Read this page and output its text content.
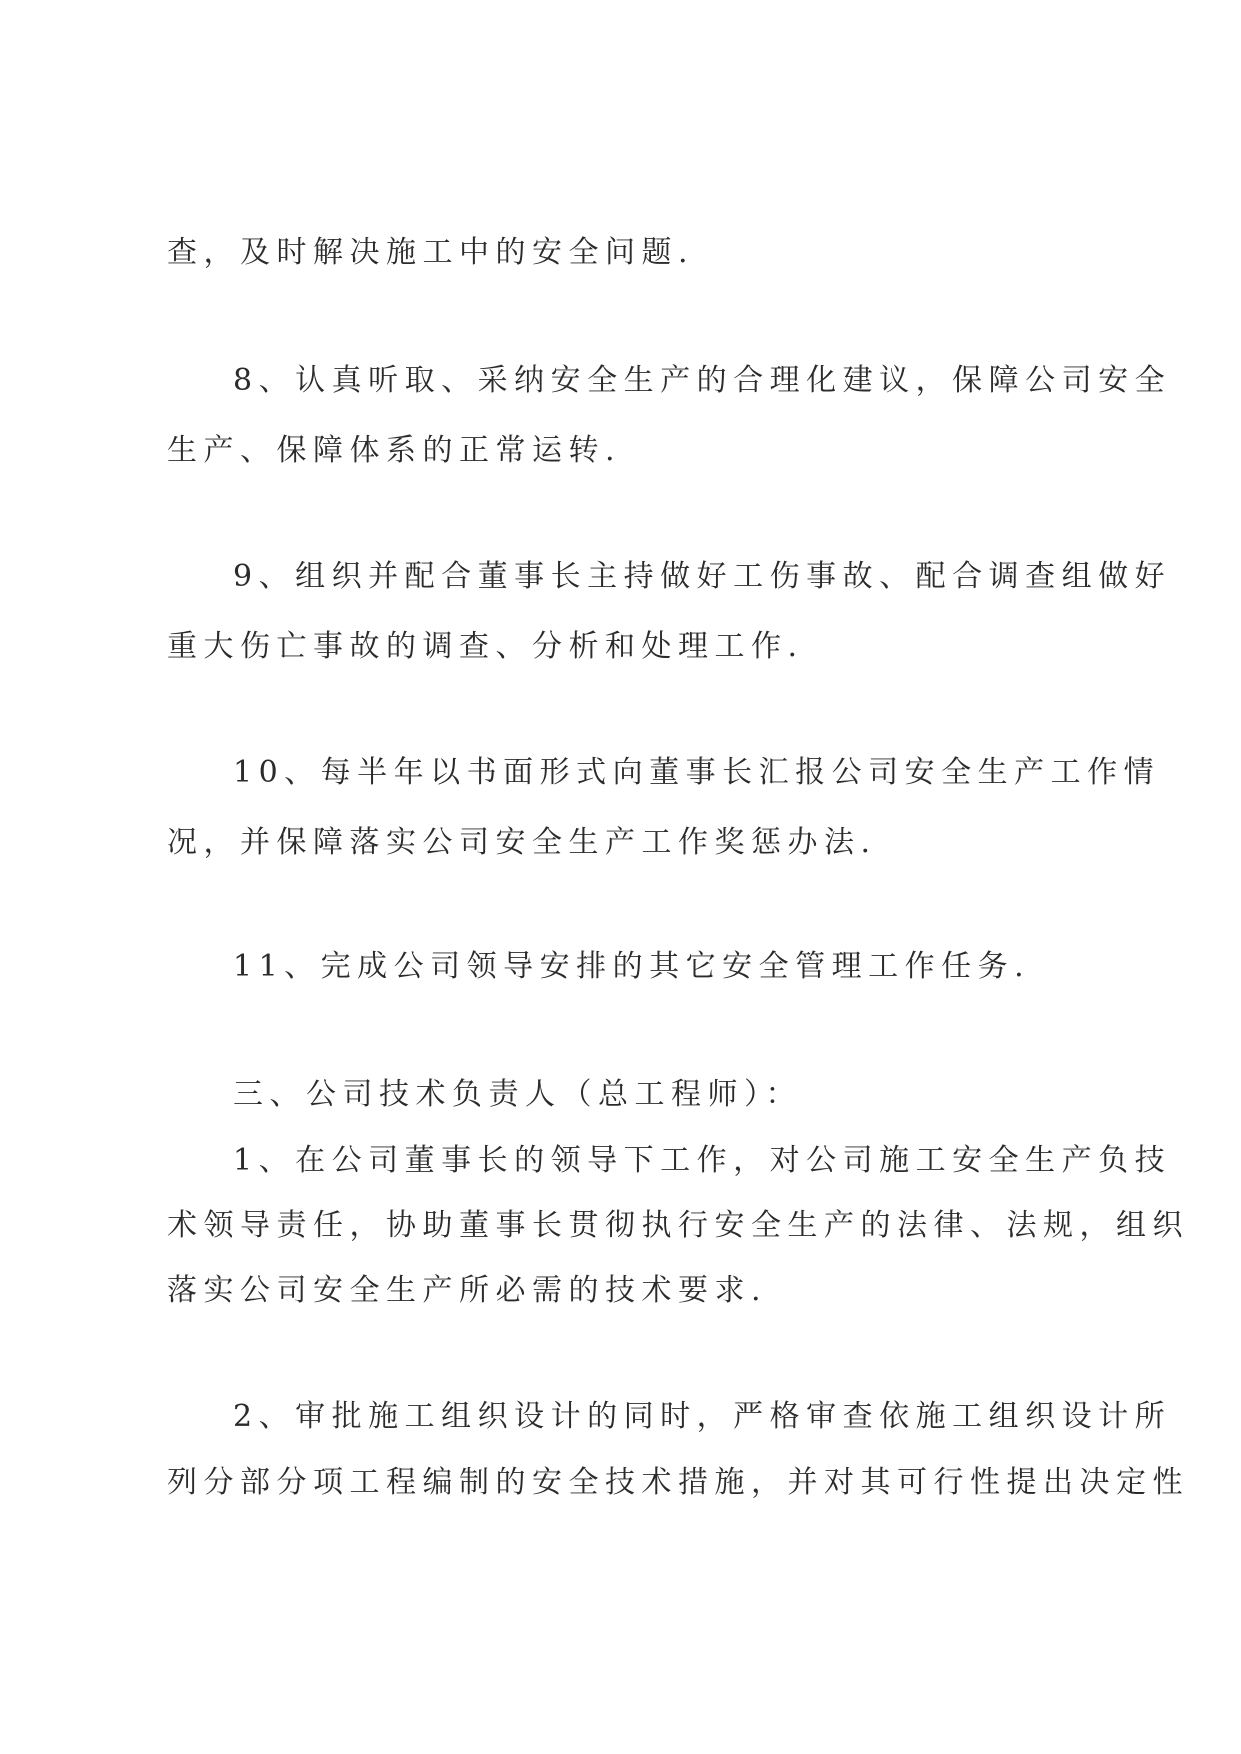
查，及时解决施工中的安全问题.
8、认真听取、采纳安全生产的合理化建议，保障公司安全
生产、保障体系的正常运转.
9、组织并配合董事长主持做好工伤事故、配合调查组做好
重大伤亡事故的调查、分析和处理工作.
10、每半年以书面形式向董事长汇报公司安全生产工作情
况，并保障落实公司安全生产工作奖惩办法.
11、完成公司领导安排的其它安全管理工作任务.
三、公司技术负责人（总工程师）：
1、在公司董事长的领导下工作，对公司施工安全生产负技
术领导责任，协助董事长贯彻执行安全生产的法律、法规，组织
落实公司安全生产所必需的技术要求.
2、审批施工组织设计的同时，严格审查依施工组织设计所
列分部分项工程编制的安全技术措施，并对其可行性提出决定性
